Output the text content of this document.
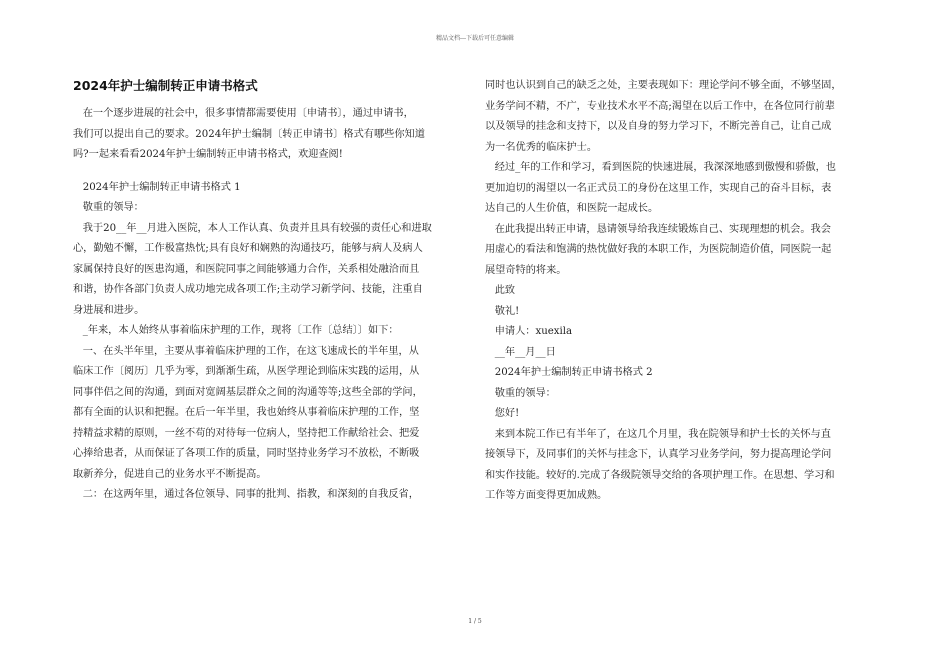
精品文档---下载后可任意编辑
2024年护士编制转正申请书格式

在一个逐步进展的社会中，很多事情都需要使用〔申请书〕，通过申请书，

我们可以提出自己的要求。2024年护士编制〔转正申请书〕格式有哪些你知道

吗?一起来看看2024年护士编制转正申请书格式，欢迎查阅!

2024年护士编制转正申请书格式 1

敬重的领导：

我于20__年__月进入医院，本人工作认真、负责并且具有较强的责任心和进取

心，勤勉不懈，工作极富热忱;具有良好和娴熟的沟通技巧，能够与病人及病人

家属保持良好的医患沟通，和医院同事之间能够通力合作，关系相处融洽而且

和谐，协作各部门负责人成功地完成各项工作;主动学习新学问、技能，注重自

身进展和进步。

_年来，本人始终从事着临床护理的工作，现将〔工作〔总结〕〕如下：

一、在头半年里，主要从事着临床护理的工作，在这飞速成长的半年里，从

临床工作〔阅历〕几乎为零，到渐渐生疏，从医学理论到临床实践的运用，从

同事伴侣之间的沟通，到面对宽阔基层群众之间的沟通等等;这些全部的学问，

都有全面的认识和把握。在后一年半里，我也始终从事着临床护理的工作，坚

持精益求精的原则，一丝不苟的对待每一位病人，坚持把工作献给社会、把爱

心捧给患者，从而保证了各项工作的质量，同时坚持业务学习不放松，不断吸

取新养分，促进自己的业务水平不断提高。

二：在这两年里，通过各位领导、同事的批判、指教，和深刻的自我反省，

同时也认识到自己的缺乏之处，主要表现如下：理论学问不够全面，不够坚固，

业务学问不精，不广，专业技术水平不高;渴望在以后工作中，在各位同行前辈

以及领导的挂念和支持下，以及自身的努力学习下，不断完善自己，让自己成

为一名优秀的临床护士。

经过_年的工作和学习，看到医院的快速进展，我深深地感到傲慢和骄傲，也

更加迫切的渴望以一名正式员工的身份在这里工作，实现自己的奋斗目标，表

达自己的人生价值，和医院一起成长。

在此我提出转正申请，恳请领导给我连续锻炼自己、实现理想的机会。我会

用虚心的看法和饱满的热忱做好我的本职工作，为医院制造价值，同医院一起

展望奇特的将来。

此致

敬礼!

申请人：xuexila

__年__月__日

2024年护士编制转正申请书格式 2

敬重的领导：

您好!

来到本院工作已有半年了，在这几个月里，我在院领导和护士长的关怀与直

接领导下，及同事们的关怀与挂念下，认真学习业务学问，努力提高理论学问

和实作技能。较好的.完成了各级院领导交给的各项护理工作。在思想、学习和

工作等方面变得更加成熟。

1 / 5
